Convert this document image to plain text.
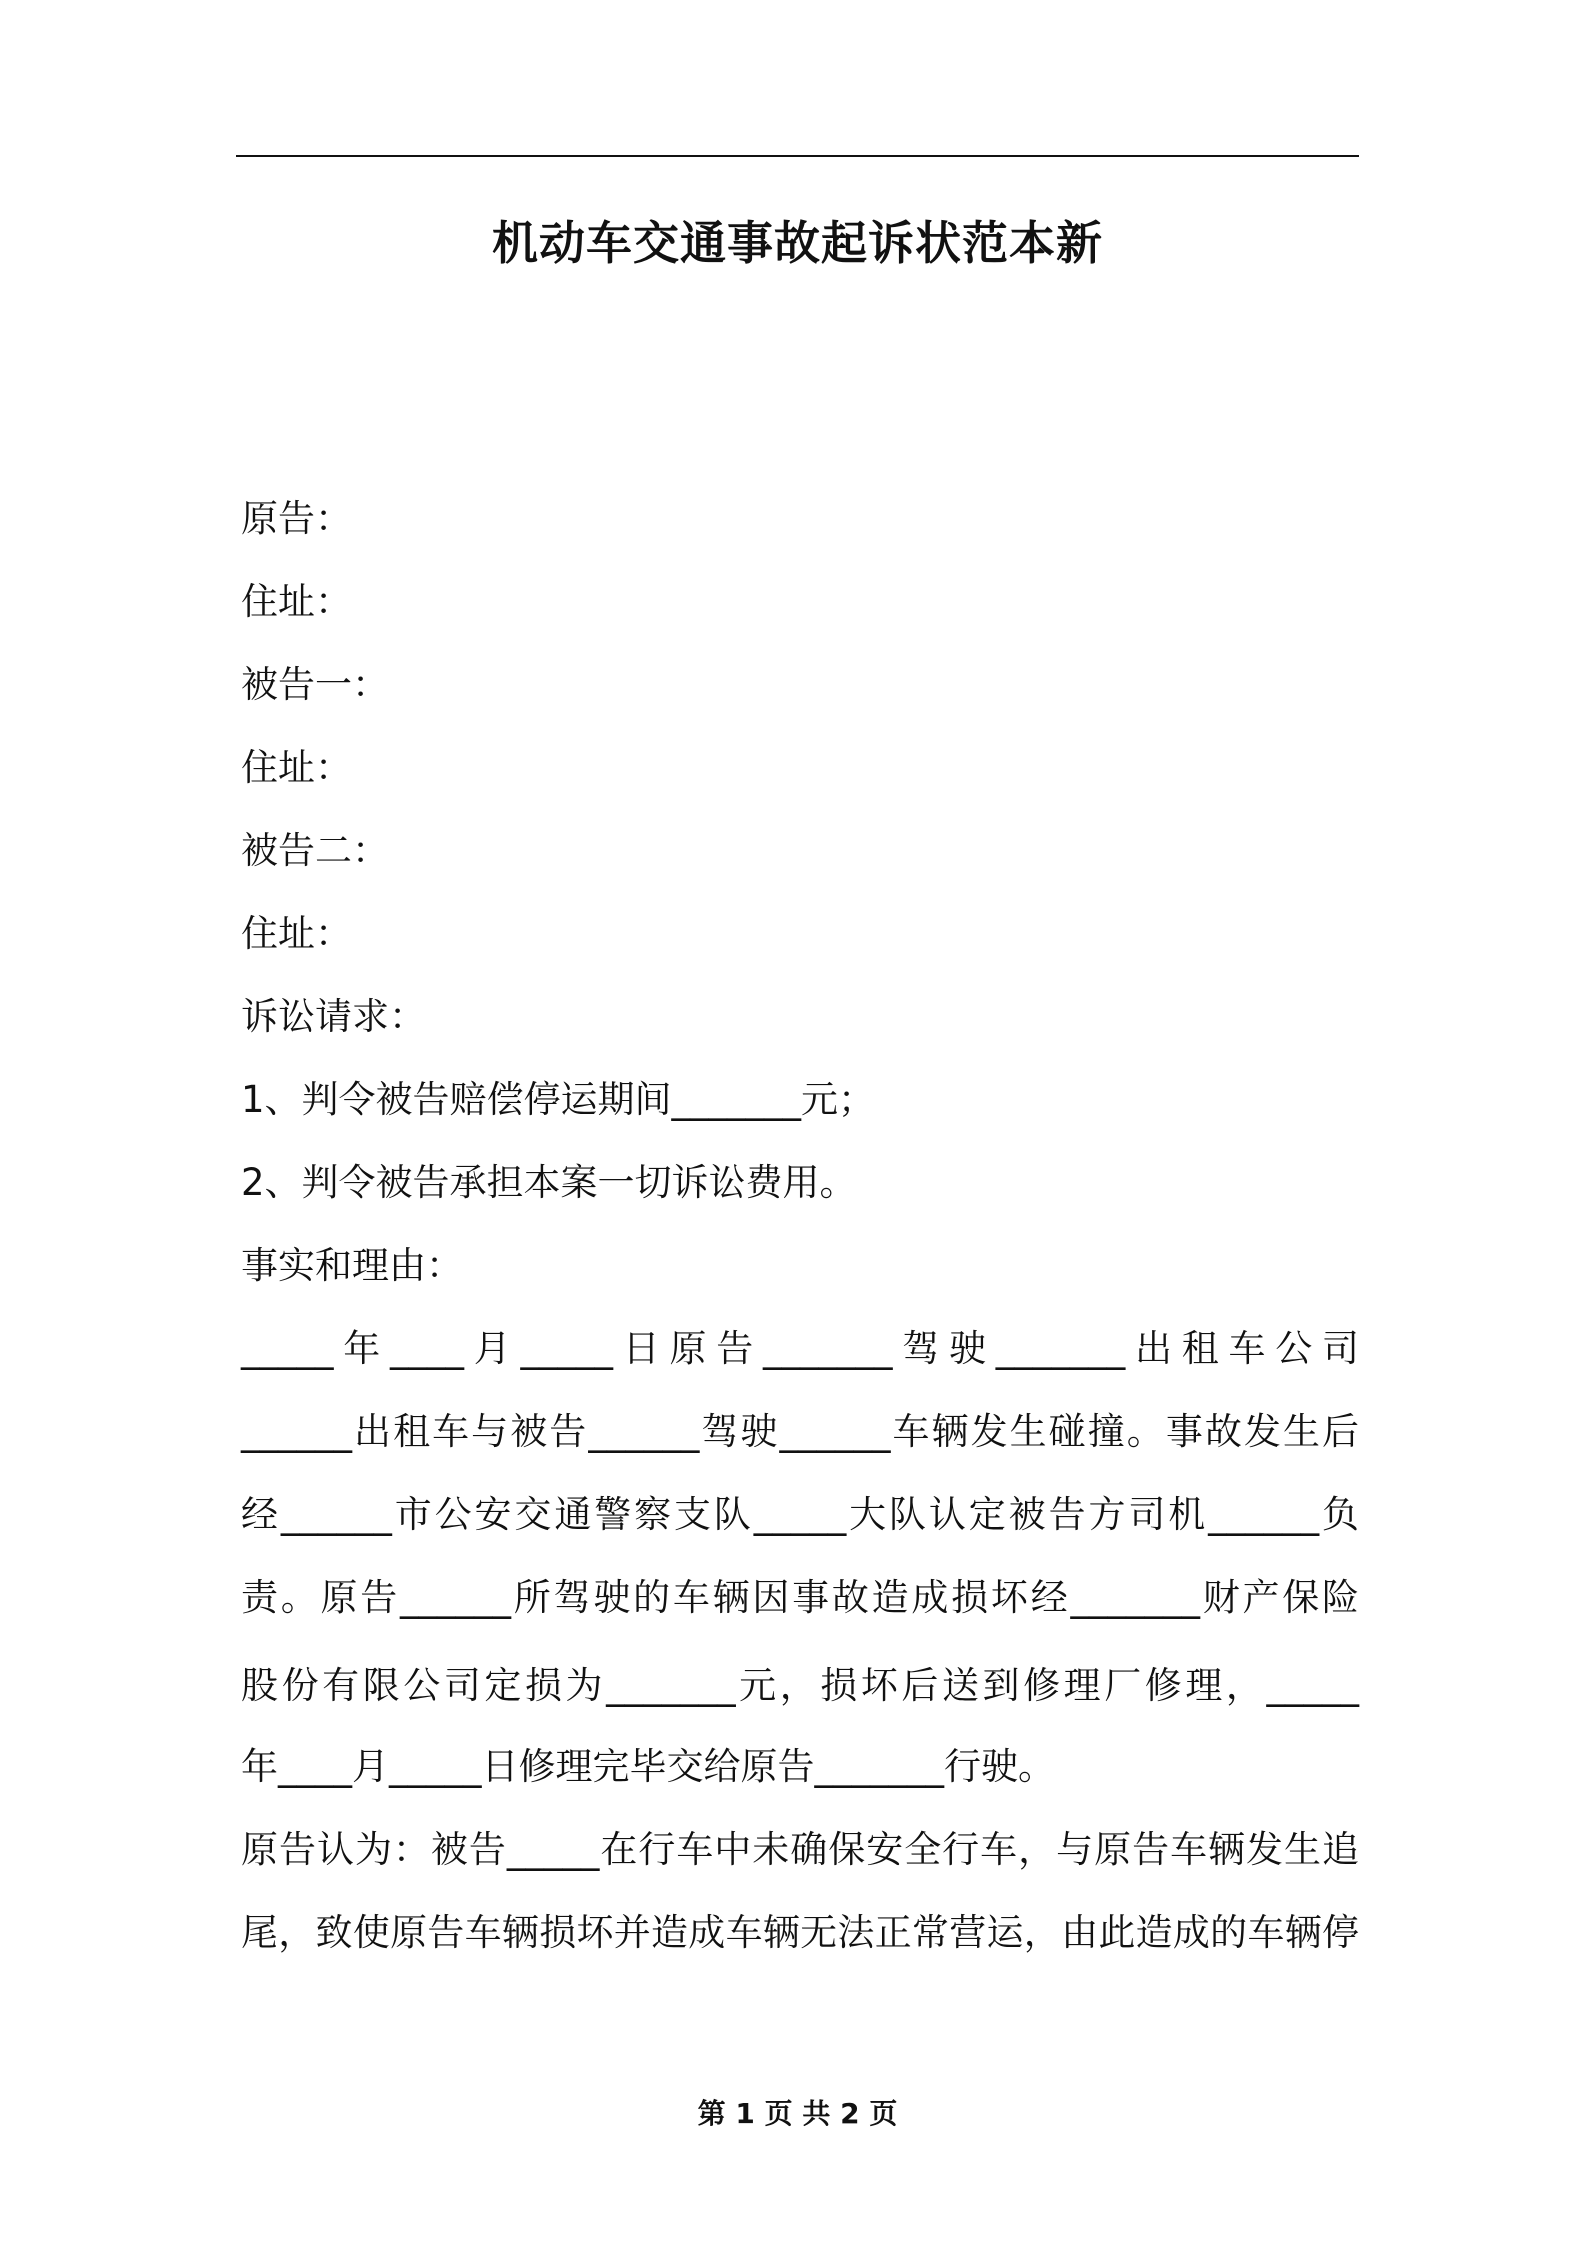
机动车交通事故起诉状范本新

原告：

住址：

被告一：

住址：

被告二：

住址：

诉讼请求：

1、判令被告赔偿停运期间_______元；

2、判令被告承担本案一切诉讼费用。

事实和理由：

_____年____月_____日原告_______驾驶_______出租车公司

______出租车与被告______驾驶______车辆发生碰撞。事故发生后

经______市公安交通警察支队_____大队认定被告方司机______负

责。原告______所驾驶的车辆因事故造成损坏经_______财产保险

股份有限公司定损为_______元，损坏后送到修理厂修理，_____

年____月_____日修理完毕交给原告_______行驶。

原告认为：被告_____在行车中未确保安全行车，与原告车辆发生追

尾，致使原告车辆损坏并造成车辆无法正常营运，由此造成的车辆停

第 1 页 共 2 页
